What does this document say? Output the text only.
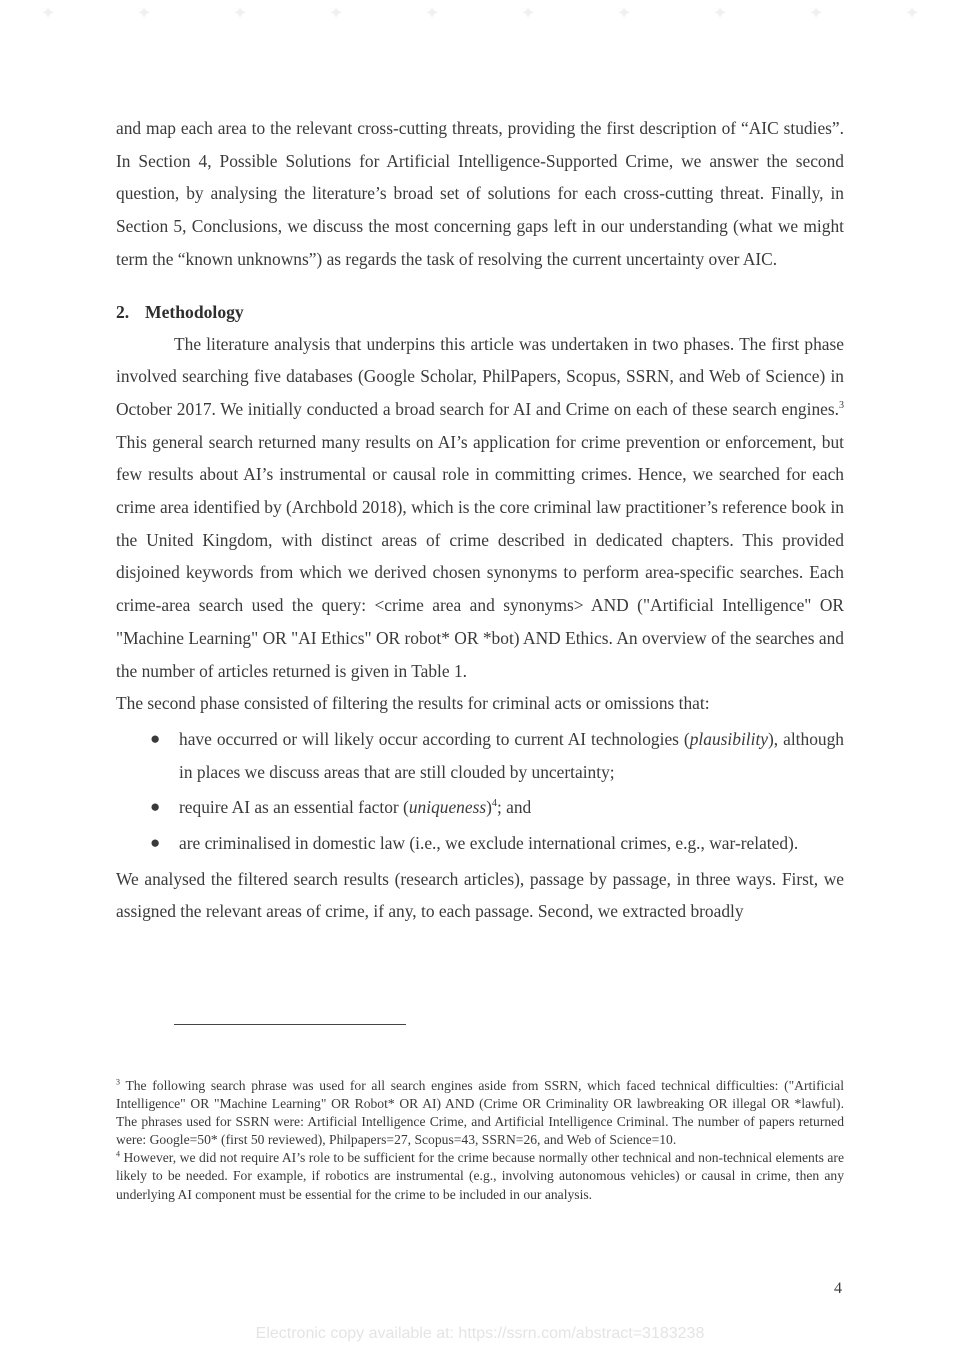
✦	✦	✦	✦	✦	✦	✦	✦	✦	✦

and map each area to the relevant cross-cutting threats, providing the first description of “AIC studies”. In Section 4, Possible Solutions for Artificial Intelligence-Supported Crime, we answer the second question, by analysing the literature’s broad set of solutions for each cross-cutting threat. Finally, in Section 5, Conclusions, we discuss the most concerning gaps left in our understanding (what we might term the “known unknowns”) as regards the task of resolving the current uncertainty over AIC.

2. Methodology

The literature analysis that underpins this article was undertaken in two phases. The first phase involved searching five databases (Google Scholar, PhilPapers, Scopus, SSRN, and Web of Science) in October 2017. We initially conducted a broad search for AI and Crime on each of these search engines.$^3$ This general search returned many results on AI’s application for crime prevention or enforcement, but few results about AI’s instrumental or causal role in committing crimes. Hence, we searched for each crime area identified by (Archbold 2018), which is the core criminal law practitioner’s reference book in the United Kingdom, with distinct areas of crime described in dedicated chapters. This provided disjoined keywords from which we derived chosen synonyms to perform area-specific searches. Each crime-area search used the query: <crime area and synonyms> AND ("Artificial Intelligence" OR "Machine Learning" OR "AI Ethics" OR robot* OR *bot) AND Ethics. An overview of the searches and the number of articles returned is given in Table 1.

The second phase consisted of filtering the results for criminal acts or omissions that:

● have occurred or will likely occur according to current AI technologies (plausibility), although in places we discuss areas that are still clouded by uncertainty;
● require AI as an essential factor (uniqueness)$^4$; and
● are criminalised in domestic law (i.e., we exclude international crimes, e.g., war-related).

We analysed the filtered search results (research articles), passage by passage, in three ways. First, we assigned the relevant areas of crime, if any, to each passage. Second, we extracted broadly

$^3$ The following search phrase was used for all search engines aside from SSRN, which faced technical difficulties: ("Artificial Intelligence" OR "Machine Learning" OR Robot* OR AI) AND (Crime OR Criminality OR lawbreaking OR illegal OR *lawful). The phrases used for SSRN were: Artificial Intelligence Crime, and Artificial Intelligence Criminal. The number of papers returned were: Google=50* (first 50 reviewed), Philpapers=27, Scopus=43, SSRN=26, and Web of Science=10.

$^4$ However, we did not require AI’s role to be sufficient for the crime because normally other technical and non-technical elements are likely to be needed. For example, if robotics are instrumental (e.g., involving autonomous vehicles) or causal in crime, then any underlying AI component must be essential for the crime to be included in our analysis.

4
Electronic copy available at: https://ssrn.com/abstract=3183238
